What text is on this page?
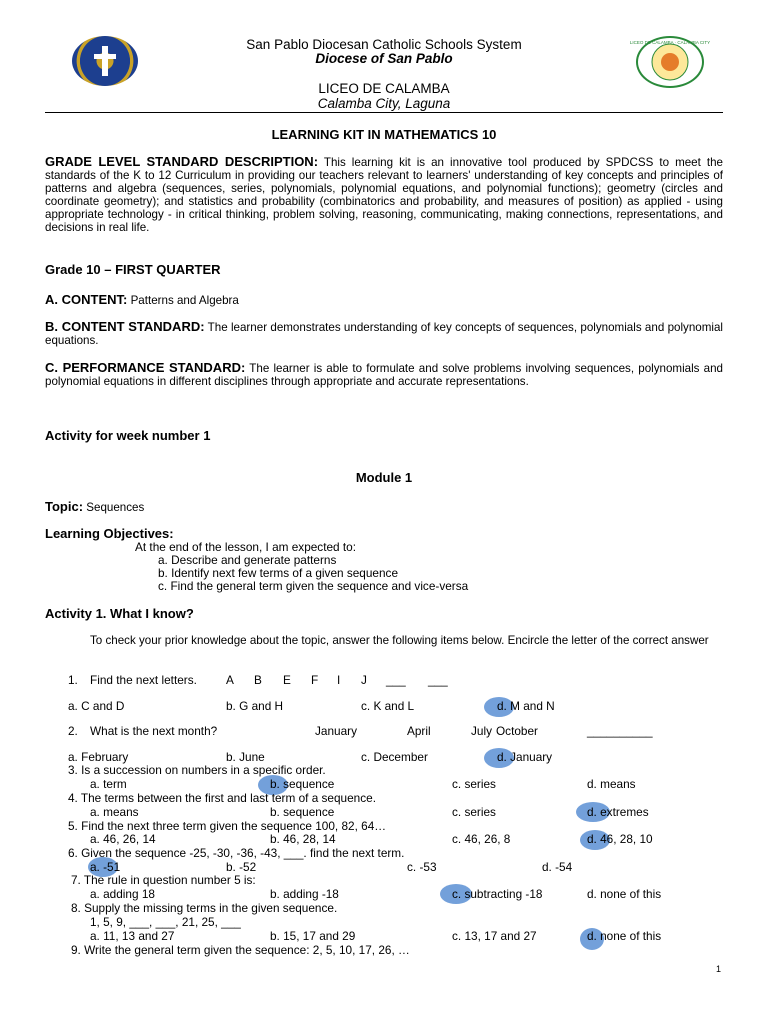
LICEO DE CALAMBA · CALAMBA CITY
San Pablo Diocesan Catholic Schools System
Diocese of San Pablo
LICEO DE CALAMBA
Calamba City, Laguna
LEARNING KIT IN MATHEMATICS 10
GRADE LEVEL STANDARD DESCRIPTION: This learning kit is an innovative tool produced by SPDCSS to meet the standards of the K to 12 Curriculum in providing our teachers relevant to learners' understanding of key concepts and principles of patterns and algebra (sequences, series, polynomials, polynomial equations, and polynomial functions); geometry (circles and coordinate geometry); and statistics and probability (combinatorics and probability, and measures of position) as applied - using appropriate technology - in critical thinking, problem solving, reasoning, communicating, making connections, representations, and decisions in real life.
Grade 10 – FIRST QUARTER
A. CONTENT: Patterns and Algebra
B. CONTENT STANDARD: The learner demonstrates understanding of key concepts of sequences, polynomials and polynomial equations.
C. PERFORMANCE STANDARD: The learner is able to formulate and solve problems involving sequences, polynomials and polynomial equations in different disciplines through appropriate and accurate representations.
Activity for week number 1
Module 1
Topic: Sequences
Learning Objectives:
At the end of the lesson, I am expected to:
a. Describe and generate patterns
b. Identify next few terms of a given sequence
c. Find the general term given the sequence and vice-versa
Activity 1. What I know?
To check your prior knowledge about the topic, answer the following items below. Encircle the letter of the correct answer
1. Find the next letters. A B E F I J ___ ___
a. C and D	b. G and H	c. K and L	d. M and N
2. What is the next month?	January	April	July October	__________
a. February	b. June	c. December	d. January
3. Is a succession on numbers in a specific order.
a. term	b. sequence	c. series	d. means
4. The terms between the first and last term of a sequence.
a. means	b. sequence	c. series	d. extremes
5. Find the next three term given the sequence 100, 82, 64…
a. 46, 26, 14	b. 46, 28, 14	c. 46, 26, 8	d. 46, 28, 10
6. Given the sequence -25, -30, -36, -43, ___. find the next term.
a. -51	b. -52	c. -53	d. -54
7. The rule in question number 5 is:
a. adding 18	b. adding -18	c. subtracting -18	d. none of this
8. Supply the missing terms in the given sequence.
1, 5, 9, ___, ___, 21, 25, ___
a. 11, 13 and 27	b. 15, 17 and 29	c. 13, 17 and 27	d. none of this
9. Write the general term given the sequence: 2, 5, 10, 17, 26, …
1
